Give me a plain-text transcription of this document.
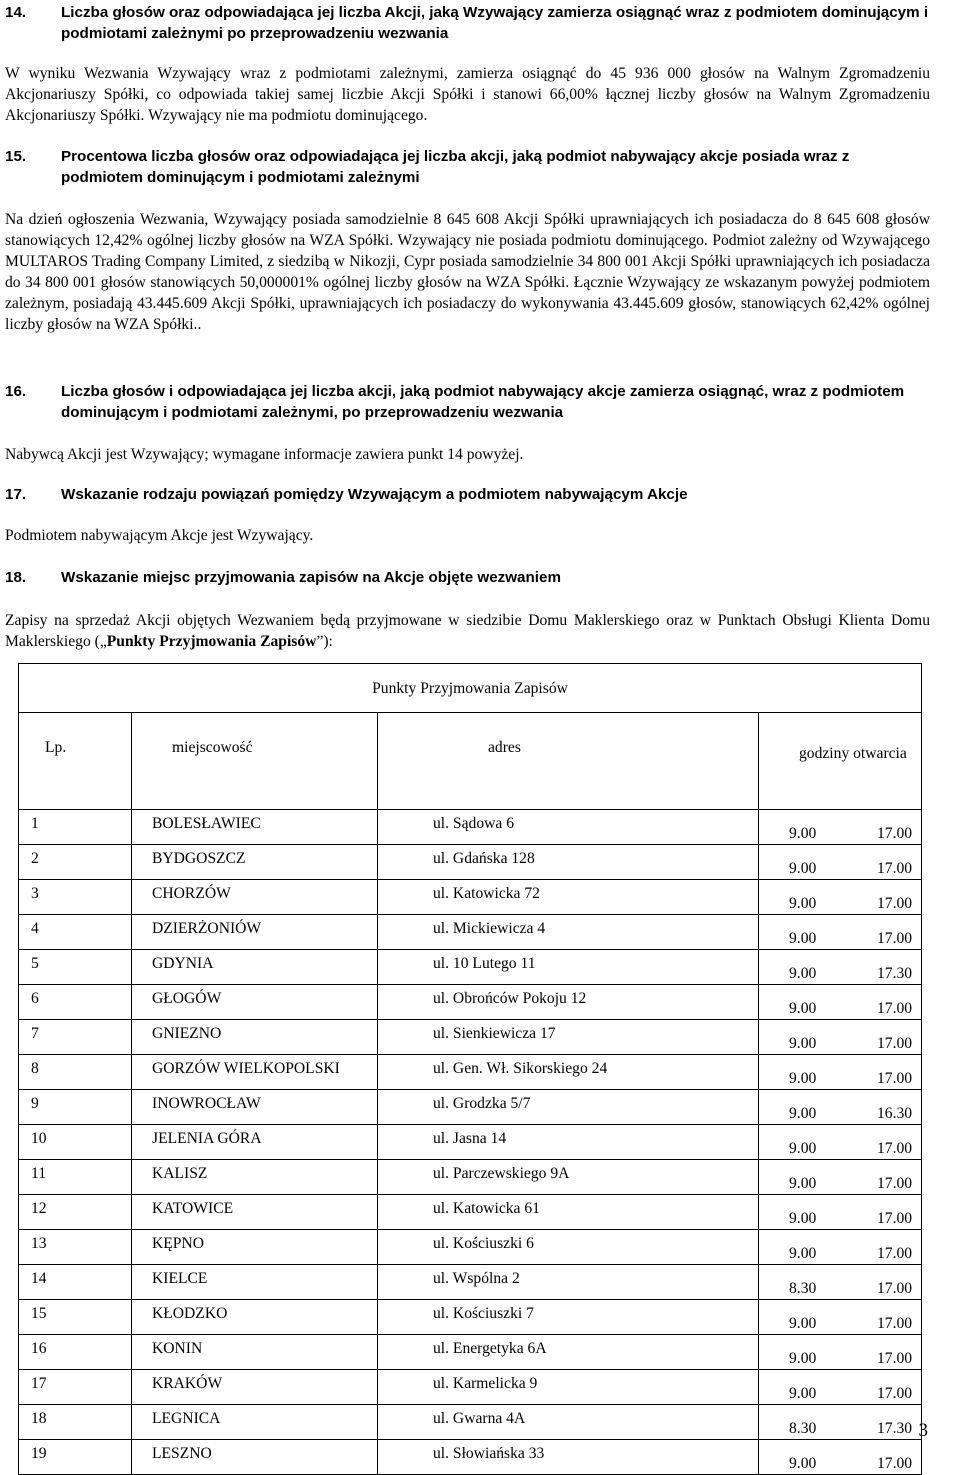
14.	Liczba głosów oraz odpowiadająca jej liczba Akcji, jaką Wzywający zamierza osiągnąć wraz z podmiotem dominującym i podmiotami zależnymi po przeprowadzeniu wezwania
W wyniku Wezwania Wzywający wraz z podmiotami zależnymi, zamierza osiągnąć do 45 936 000 głosów na Walnym Zgromadzeniu Akcjonariuszy Spółki, co odpowiada takiej samej liczbie Akcji Spółki i stanowi 66,00% łącznej liczby głosów na Walnym Zgromadzeniu Akcjonariuszy Spółki. Wzywający nie ma podmiotu dominującego.
15.	Procentowa liczba głosów oraz odpowiadająca jej liczba akcji, jaką podmiot nabywający akcje posiada wraz z podmiotem dominującym i podmiotami zależnymi
Na dzień ogłoszenia Wezwania, Wzywający posiada samodzielnie 8 645 608 Akcji Spółki uprawniających ich posiadacza do 8 645 608 głosów stanowiących 12,42% ogólnej liczby głosów na WZA Spółki. Wzywający nie posiada podmiotu dominującego. Podmiot zależny od Wzywającego MULTAROS Trading Company Limited, z siedzibą w Nikozji, Cypr posiada samodzielnie 34 800 001 Akcji Spółki uprawniających ich posiadacza do 34 800 001 głosów stanowiących 50,000001% ogólnej liczby głosów na WZA Spółki. Łącznie Wzywający ze wskazanym powyżej podmiotem zależnym, posiadają 43.445.609 Akcji Spółki, uprawniających ich posiadaczy do wykonywania 43.445.609 głosów, stanowiących 62,42% ogólnej liczby głosów na WZA Spółki..
16.	Liczba głosów i odpowiadająca jej liczba akcji, jaką podmiot nabywający akcje zamierza osiągnąć, wraz z podmiotem dominującym i podmiotami zależnymi, po przeprowadzeniu wezwania
Nabywcą Akcji jest Wzywający; wymagane informacje zawiera punkt 14 powyżej.
17.	Wskazanie rodzaju powiązań pomiędzy Wzywającym a podmiotem nabywającym Akcje
Podmiotem nabywającym Akcje jest Wzywający.
18.	Wskazanie miejsc przyjmowania zapisów na Akcje objęte wezwaniem
Zapisy na sprzedaż Akcji objętych Wezwaniem będą przyjmowane w siedzibie Domu Maklerskiego oraz w Punktach Obsługi Klienta Domu Maklerskiego („Punkty Przyjmowania Zapisów”):
Punkty Przyjmowania Zapisów			
Lp.	miejscowość	adres	godziny otwarcia
1	BOLESŁAWIEC	ul. Sądowa 6	9.00 17.00

2	BYDGOSZCZ	ul. Gdańska 128	9.00 17.00

3	CHORZÓW	ul. Katowicka 72	9.00 17.00

4	DZIERŻONIÓW	ul. Mickiewicza 4	9.00 17.00

5	GDYNIA	ul. 10 Lutego 11	9.00 17.30

6	GŁOGÓW	ul. Obrońców Pokoju 12	9.00 17.00

7	GNIEZNO	ul. Sienkiewicza 17	9.00 17.00

8	GORZÓW WIELKOPOLSKI	ul. Gen. Wł. Sikorskiego 24	9.00 17.00

9	INOWROCŁAW	ul. Grodzka 5/7	9.00 16.30

10	JELENIA GÓRA	ul. Jasna 14	9.00 17.00

11	KALISZ	ul. Parczewskiego 9A	9.00 17.00

12	KATOWICE	ul. Katowicka 61	9.00 17.00

13	KĘPNO	ul. Kościuszki 6	9.00 17.00

14	KIELCE	ul. Wspólna 2	8.30 17.00

15	KŁODZKO	ul. Kościuszki 7	9.00 17.00

16	KONIN	ul. Energetyka 6A	9.00 17.00

17	KRAKÓW	ul. Karmelicka 9	9.00 17.00

18	LEGNICA	ul. Gwarna 4A	8.30 17.30

19	LESZNO	ul. Słowiańska 33	9.00 17.00
3
